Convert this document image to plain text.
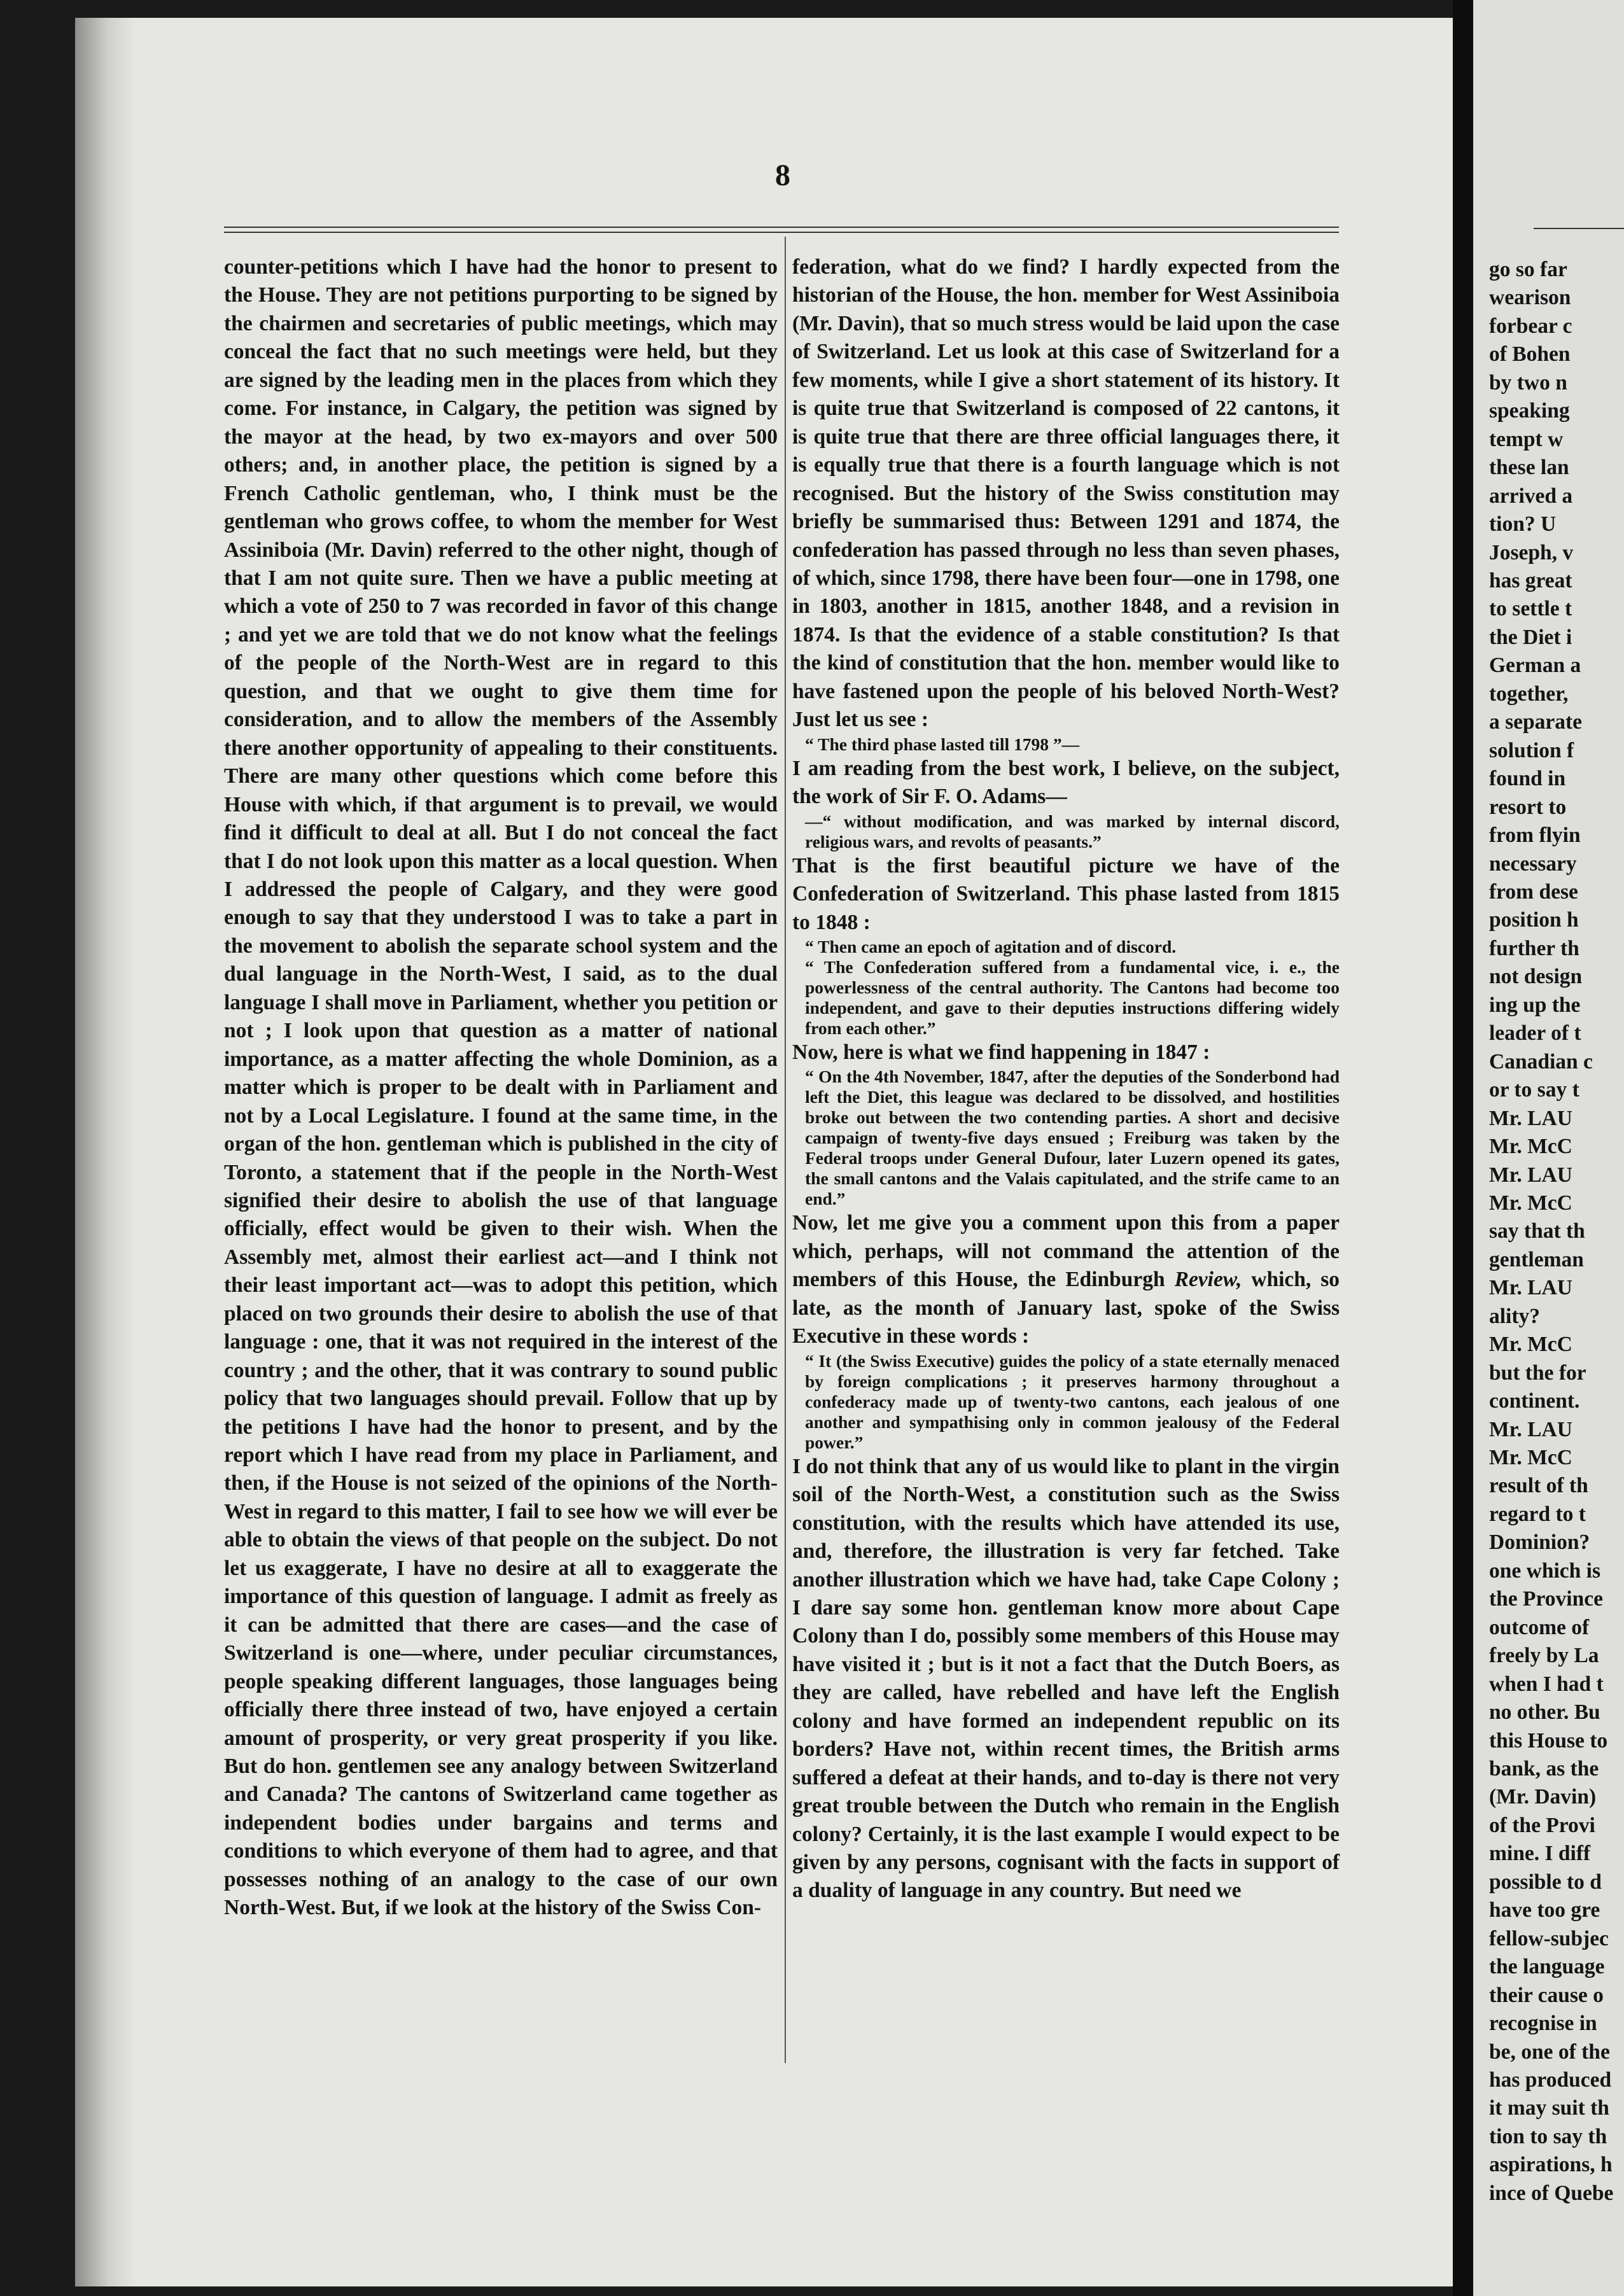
8

counter-petitions which I have had the honor to present to the House. They are not petitions purporting to be signed by the chairmen and secretaries of public meetings, which may conceal the fact that no such meetings were held, but they are signed by the leading men in the places from which they come. For instance, in Calgary, the petition was signed by the mayor at the head, by two ex-mayors and over 500 others; and, in another place, the petition is signed by a French Catholic gentleman, who, I think must be the gentleman who grows coffee, to whom the member for West Assiniboia (Mr. Davin) referred to the other night, though of that I am not quite sure. Then we have a public meeting at which a vote of 250 to 7 was recorded in favor of this change ; and yet we are told that we do not know what the feelings of the people of the North-West are in regard to this question, and that we ought to give them time for consideration, and to allow the members of the Assembly there another opportunity of appealing to their constituents. There are many other questions which come before this House with which, if that argument is to prevail, we would find it difficult to deal at all. But I do not conceal the fact that I do not look upon this matter as a local question. When I addressed the people of Calgary, and they were good enough to say that they understood I was to take a part in the movement to abolish the separate school system and the dual language in the North-West, I said, as to the dual language I shall move in Parliament, whether you petition or not ; I look upon that question as a matter of national importance, as a matter affecting the whole Dominion, as a matter which is proper to be dealt with in Parliament and not by a Local Legislature. I found at the same time, in the organ of the hon. gentleman which is published in the city of Toronto, a statement that if the people in the North-West signified their desire to abolish the use of that language officially, effect would be given to their wish. When the Assembly met, almost their earliest act—and I think not their least important act—was to adopt this petition, which placed on two grounds their desire to abolish the use of that language : one, that it was not required in the interest of the country ; and the other, that it was contrary to sound public policy that two languages should prevail. Follow that up by the petitions I have had the honor to present, and by the report which I have read from my place in Parliament, and then, if the House is not seized of the opinions of the North-West in regard to this matter, I fail to see how we will ever be able to obtain the views of that people on the subject. Do not let us exaggerate, I have no desire at all to exaggerate the importance of this question of language. I admit as freely as it can be admitted that there are cases—and the case of Switzerland is one—where, under peculiar circumstances, people speaking different languages, those languages being officially there three instead of two, have enjoyed a certain amount of prosperity, or very great prosperity if you like. But do hon. gentlemen see any analogy between Switzerland and Canada? The cantons of Switzerland came together as independent bodies under bargains and terms and conditions to which everyone of them had to agree, and that possesses nothing of an analogy to the case of our own North-West. But, if we look at the history of the Swiss Con-

federation, what do we find? I hardly expected from the historian of the House, the hon. member for West Assiniboia (Mr. Davin), that so much stress would be laid upon the case of Switzerland. Let us look at this case of Switzerland for a few moments, while I give a short statement of its history. It is quite true that Switzerland is composed of 22 cantons, it is quite true that there are three official languages there, it is equally true that there is a fourth language which is not recognised. But the history of the Swiss constitution may briefly be summarised thus: Between 1291 and 1874, the confederation has passed through no less than seven phases, of which, since 1798, there have been four—one in 1798, one in 1803, another in 1815, another 1848, and a revision in 1874. Is that the evidence of a stable constitution? Is that the kind of constitution that the hon. member would like to have fastened upon the people of his beloved North-West? Just let us see :

“ The third phase lasted till 1798 ”—

I am reading from the best work, I believe, on the subject, the work of Sir F. O. Adams—

—“ without modification, and was marked by internal discord, religious wars, and revolts of peasants.”

That is the first beautiful picture we have of the Confederation of Switzerland. This phase lasted from 1815 to 1848 :

“ Then came an epoch of agitation and of discord.

“ The Confederation suffered from a fundamental vice, i. e., the powerlessness of the central authority. The Cantons had become too independent, and gave to their deputies instructions differing widely from each other.”

Now, here is what we find happening in 1847 :

“ On the 4th November, 1847, after the deputies of the Sonderbond had left the Diet, this league was declared to be dissolved, and hostilities broke out between the two contending parties. A short and decisive campaign of twenty-five days ensued ; Freiburg was taken by the Federal troops under General Dufour, later Luzern opened its gates, the small cantons and the Valais capitulated, and the strife came to an end.”

Now, let me give you a comment upon this from a paper which, perhaps, will not command the attention of the members of this House, the Edinburgh Review, which, so late, as the month of January last, spoke of the Swiss Executive in these words :

“ It (the Swiss Executive) guides the policy of a state eternally menaced by foreign complications ; it preserves harmony throughout a confederacy made up of twenty-two cantons, each jealous of one another and sympathising only in common jealousy of the Federal power.”

I do not think that any of us would like to plant in the virgin soil of the North-West, a constitution such as the Swiss constitution, with the results which have attended its use, and, therefore, the illustration is very far fetched. Take another illustration which we have had, take Cape Colony ; I dare say some hon. gentleman know more about Cape Colony than I do, possibly some members of this House may have visited it ; but is it not a fact that the Dutch Boers, as they are called, have rebelled and have left the English colony and have formed an independent republic on its borders? Have not, within recent times, the British arms suffered a defeat at their hands, and to-day is there not very great trouble between the Dutch who remain in the English colony? Certainly, it is the last example I would expect to be given by any persons, cognisant with the facts in support of a duality of language in any country. But need we

go so far

wearison

forbear c

of Bohen

by two n

speaking

tempt w

these lan

arrived a

tion? U

Joseph, v

has great

to settle t

the Diet i

German a

together,

a separate

solution f

found in

resort to

from flyin

necessary

from dese

position h

further th

not design

ing up the

leader of t

Canadian c

or to say t

Mr. LAU

Mr. McC

Mr. LAU

Mr. McC

say that th

gentleman

Mr. LAU

ality?

Mr. McC

but the for

continent.

Mr. LAU

Mr. McC

result of th

regard to t

Dominion?

one which is

the Province

outcome of

freely by La

when I had t

no other. Bu

this House to

bank, as the

(Mr. Davin)

of the Provi

mine. I diff

possible to d

have too gre

fellow-subjec

the language

their cause o

recognise in

be, one of the

has produced

it may suit th

tion to say th

aspirations, h

ince of Quebe
